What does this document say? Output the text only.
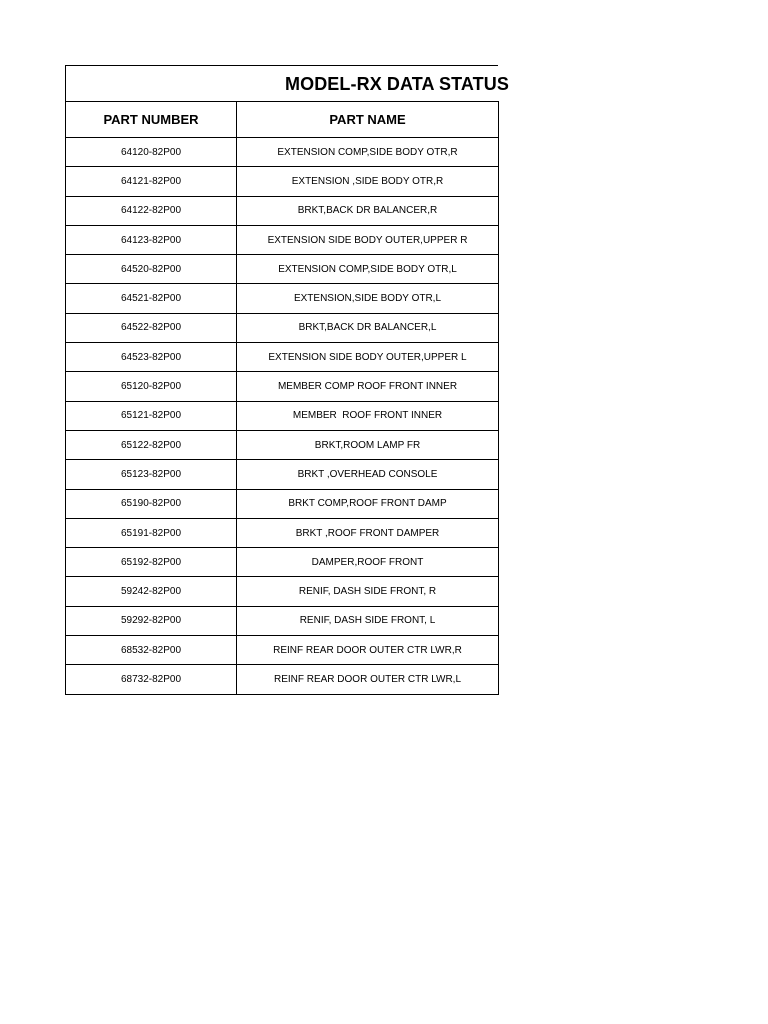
MODEL-RX DATA STATUS
PART NUMBER	PART NAME
64120-82P00	EXTENSION COMP,SIDE BODY OTR,R
64121-82P00	EXTENSION ,SIDE BODY OTR,R
64122-82P00	BRKT,BACK DR BALANCER,R
64123-82P00	EXTENSION SIDE BODY OUTER,UPPER R
64520-82P00	EXTENSION COMP,SIDE BODY OTR,L
64521-82P00	EXTENSION,SIDE BODY OTR,L
64522-82P00	BRKT,BACK DR BALANCER,L
64523-82P00	EXTENSION SIDE BODY OUTER,UPPER L
65120-82P00	MEMBER COMP ROOF FRONT INNER
65121-82P00	MEMBER  ROOF FRONT INNER
65122-82P00	BRKT,ROOM LAMP FR
65123-82P00	BRKT ,OVERHEAD CONSOLE
65190-82P00	BRKT COMP,ROOF FRONT DAMP
65191-82P00	BRKT ,ROOF FRONT DAMPER
65192-82P00	DAMPER,ROOF FRONT
59242-82P00	RENIF, DASH SIDE FRONT, R
59292-82P00	RENIF, DASH SIDE FRONT, L
68532-82P00	REINF REAR DOOR OUTER CTR LWR,R
68732-82P00	REINF REAR DOOR OUTER CTR LWR,L
